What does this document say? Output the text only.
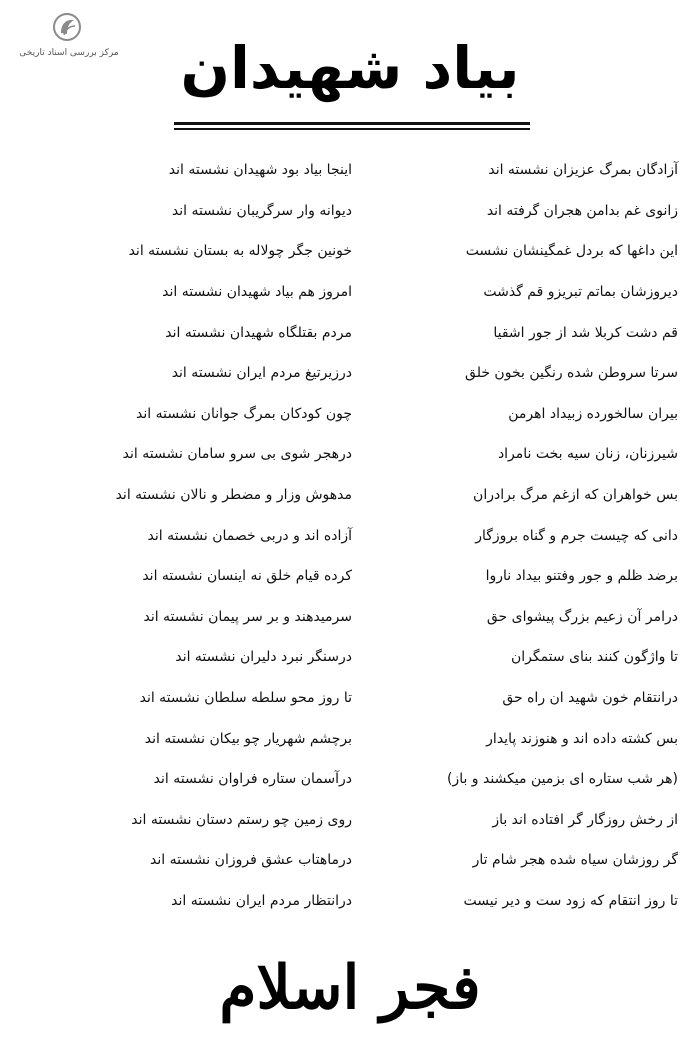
مرکز بررسی اسناد تاریخی	بیاد شهیدان
آزادگان بمرگ عزیزان نشسته اند
اینجا بیاد بود شهیدان نشسته اند
زانوی غم بدامن هجران گرفته اند
دیوانه وار سرگریبان نشسته اند
این داغها که بردل غمگینشان نشست
خونین جگر چولاله به بستان نشسته اند
دیروزشان بماتم تبریزو قم گذشت
امروز هم بیاد شهیدان نشسته اند
قم دشت کربلا شد از جور اشقیا
مردم بقتلگاه شهیدان نشسته اند
سرتا سروطن شده رنگین بخون خلق
درزیرتیغ مردم ایران نشسته اند
بیران سالخورده زبیداد اهرمن
چون کودکان بمرگ جوانان نشسته اند
شیرزنان، زنان سیه بخت نامراد
درهجر شوی بی سرو سامان نشسته اند
بس خواهران که ازغم مرگ برادران
مدهوش وزار و مضطر و نالان نشسته اند
دانی که چیست جرم و گناه بروزگار
آزاده اند و دربی خصمان نشسته اند
برضد ظلم و جور وفتنو بیداد ناروا
کرده قیام خلق نه اینسان نشسته اند
درامر آن زعیم بزرگ پیشوای حق
سرمیدهند و بر سر پیمان نشسته اند
تا واژگون کنند بنای ستمگران
درسنگر نبرد دلیران نشسته اند
درانتقام خون شهید ان راه حق
تا روز محو سلطه سلطان نشسته اند
بس کشته داده اند و هنوزند پایدار
برچشم شهریار چو بیکان نشسته اند
(هر شب ستاره ای بزمین میکشند و باز)
درآسمان ستاره فراوان نشسته اند
از رخش روزگار گر افتاده اند باز
روی زمین چو رستم دستان نشسته اند
گر روزشان سیاه شده هجر شام تار
درماهتاب عشق فروزان نشسته اند
تا روز انتقام که زود ست و دیر نیست
درانتظار مردم ایران نشسته اند
فجر اسلام
